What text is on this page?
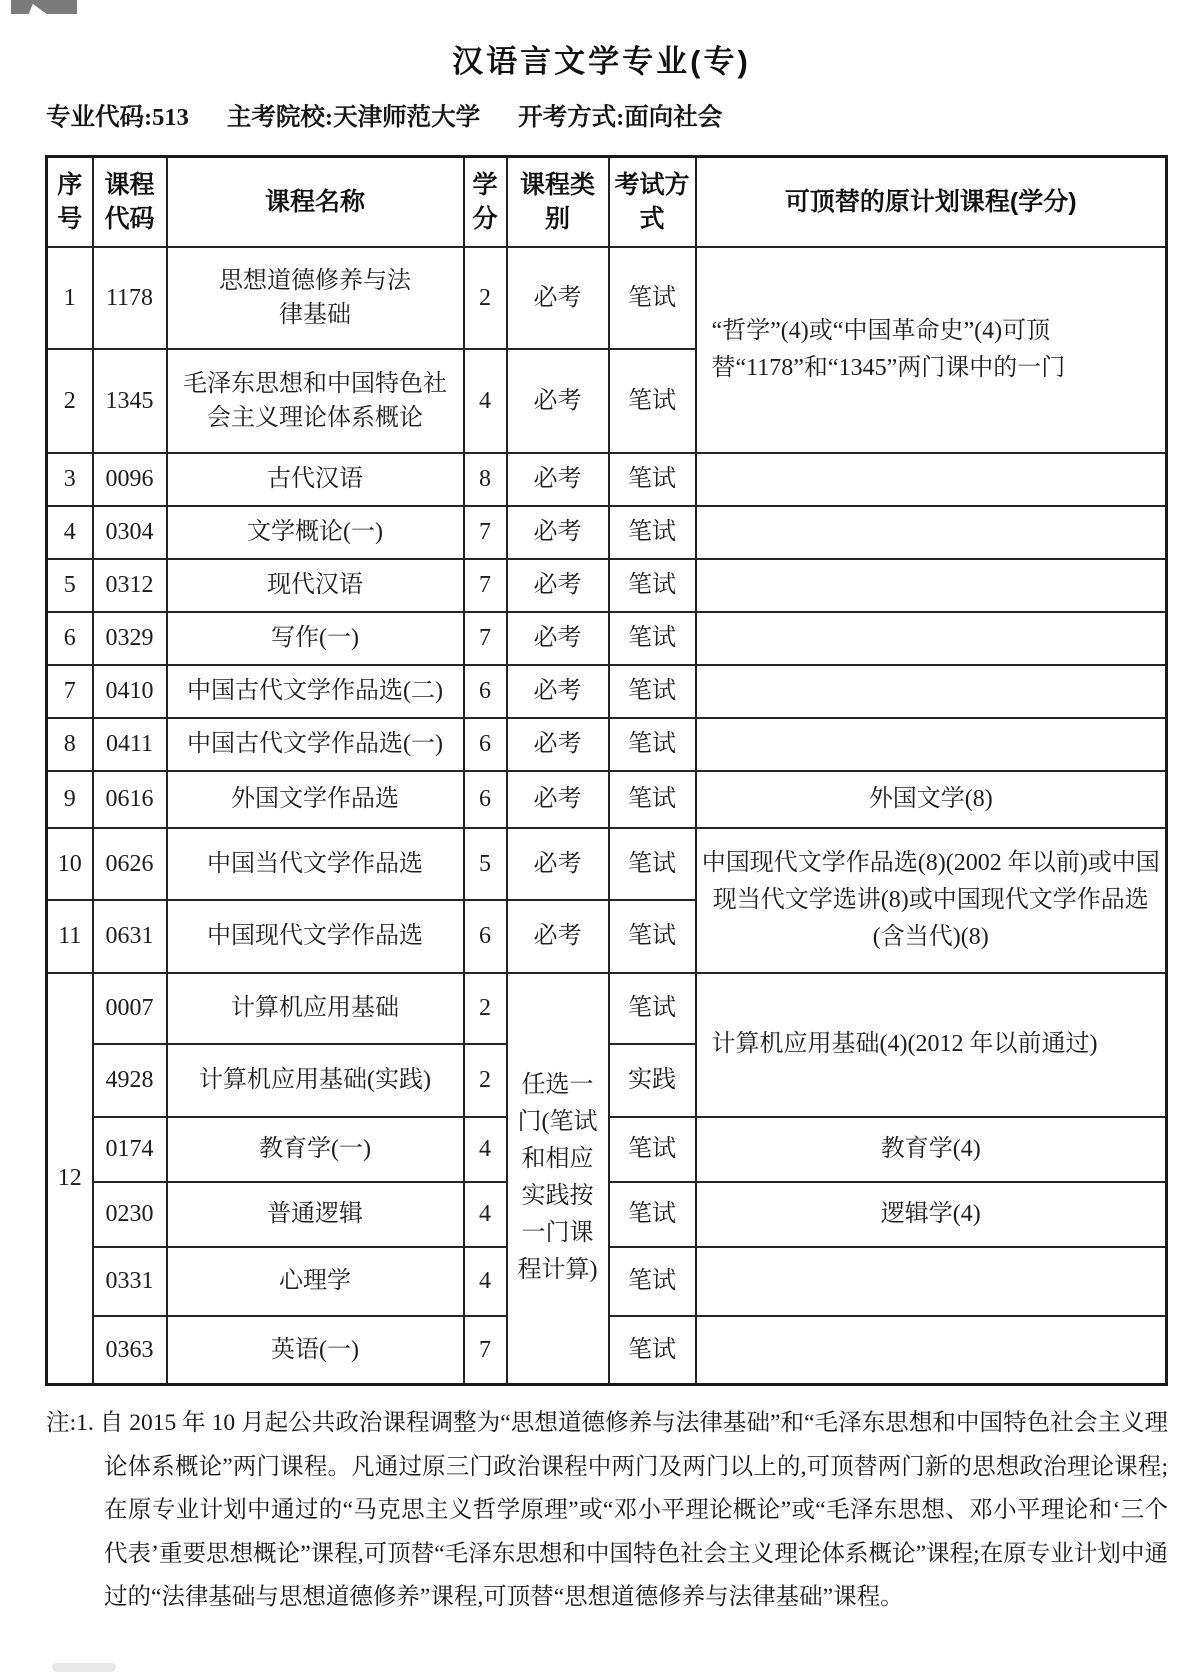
汉语言文学专业(专)
专业代码:513 主考院校:天津师范大学 开考方式:面向社会
序号	课程代码	课程名称	学分	课程类别	考试方式	可顶替的原计划课程(学分)
1	1178	思想道德修养与法律基础	2	必考	笔试	“哲学”(4)或“中国革命史”(4)可顶替“1178”和“1345”两门课中的一门
2	1345	毛泽东思想和中国特色社会主义理论体系概论	4	必考	笔试	
3	0096	古代汉语	8	必考	笔试	
4	0304	文学概论(一)	7	必考	笔试	
5	0312	现代汉语	7	必考	笔试	
6	0329	写作(一)	7	必考	笔试	
7	0410	中国古代文学作品选(二)	6	必考	笔试	
8	0411	中国古代文学作品选(一)	6	必考	笔试	
9	0616	外国文学作品选	6	必考	笔试	外国文学(8)
10	0626	中国当代文学作品选	5	必考	笔试	中国现代文学作品选(8)(2002 年以前)或中国现当代文学选讲(8)或中国现代文学作品选(含当代)(8)
11	0631	中国现代文学作品选	6	必考	笔试	
12	0007	计算机应用基础	2	任选一门(笔试和相应实践按一门课程计算)	笔试	计算机应用基础(4)(2012 年以前通过)
	4928	计算机应用基础(实践)	2		实践	
	0174	教育学(一)	4		笔试	教育学(4)
	0230	普通逻辑	4		笔试	逻辑学(4)
	0331	心理学	4		笔试	
	0363	英语(一)	7		笔试	

注:1. 自 2015 年 10 月起公共政治课程调整为“思想道德修养与法律基础”和“毛泽东思想和中国特色社会主义理论体系概论”两门课程。凡通过原三门政治课程中两门及两门以上的,可顶替两门新的思想政治理论课程;在原专业计划中通过的“马克思主义哲学原理”或“邓小平理论概论”或“毛泽东思想、邓小平理论和‘三个代表’重要思想概论”课程,可顶替“毛泽东思想和中国特色社会主义理论体系概论”课程;在原专业计划中通过的“法律基础与思想道德修养”课程,可顶替“思想道德修养与法律基础”课程。
